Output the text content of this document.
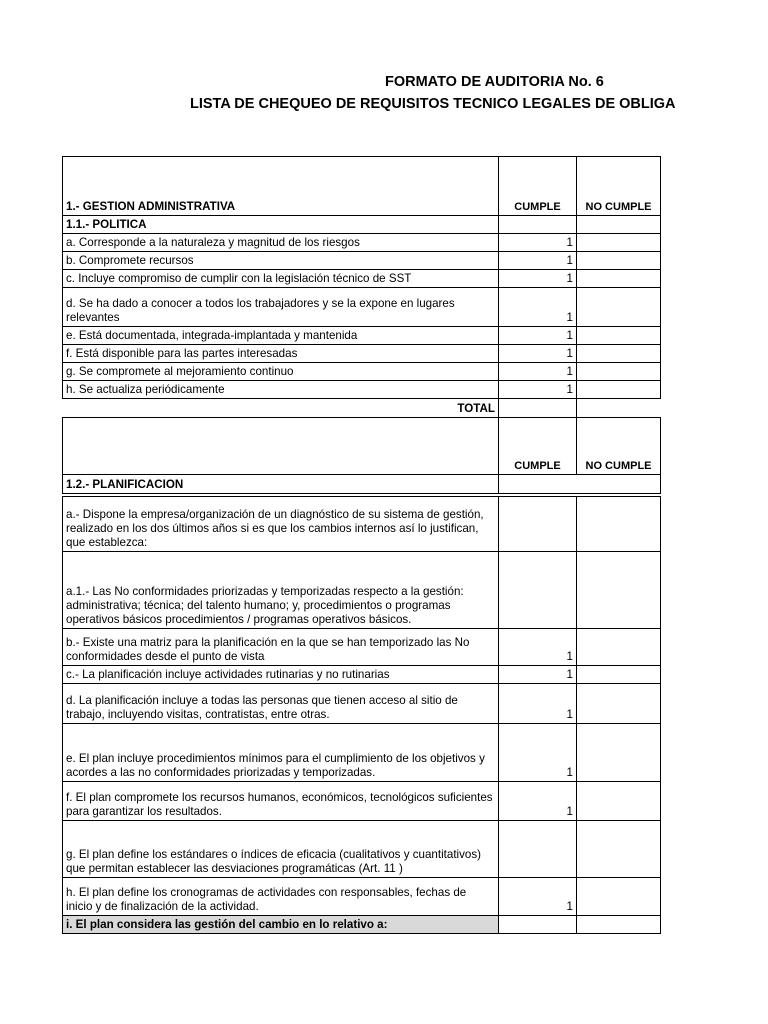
FORMATO DE AUDITORIA No. 6
LISTA DE CHEQUEO DE REQUISITOS TECNICO LEGALES DE OBLIGA
1.- GESTION ADMINISTRATIVA	CUMPLE	NO CUMPLE
1.1.- POLITICA		
a. Corresponde a la naturaleza y magnitud de los riesgos	1	
b. Compromete recursos	1	
c. Incluye compromiso de cumplir con la legislación técnico de SST	1	
d. Se ha dado a conocer a todos los trabajadores y se la expone en lugares relevantes	1	
e. Está documentada, integrada-implantada y mantenida	1	
f. Está disponible para las partes interesadas	1	
g. Se compromete al mejoramiento continuo	1	
h. Se actualiza periódicamente	1	
TOTAL		
	CUMPLE	NO CUMPLE
1.2.- PLANIFICACION		

a.- Dispone la empresa/organización de un diagnóstico de su sistema de gestión, realizado en los dos últimos años si es que los cambios internos así lo justifican, que establezca:		
a.1.- Las No conformidades priorizadas y temporizadas respecto a la gestión: administrativa; técnica; del talento humano; y, procedimientos o programas operativos básicos procedimientos / programas operativos básicos.		
b.- Existe una matriz para la planificación en la que se han temporizado las No conformidades desde el punto de vista	1	
c.- La planificación incluye actividades rutinarias y no rutinarias	1	
d. La planificación incluye a todas las personas que tienen acceso al sitio de trabajo, incluyendo visitas, contratistas, entre otras.	1	
e. El plan incluye procedimientos mínimos para el cumplimiento de los objetivos y acordes a las no conformidades priorizadas y temporizadas.	1	
f. El plan compromete los recursos humanos, económicos, tecnológicos suficientes para garantizar los resultados.	1	
g. El plan define los estándares o índices de eficacia (cualitativos y cuantitativos) que permitan establecer las desviaciones programáticas (Art. 11 )		
h. El plan define los cronogramas de actividades con responsables, fechas de inicio y de finalización de la actividad.	1	
i. El plan considera las gestión del cambio en lo relativo a:		
